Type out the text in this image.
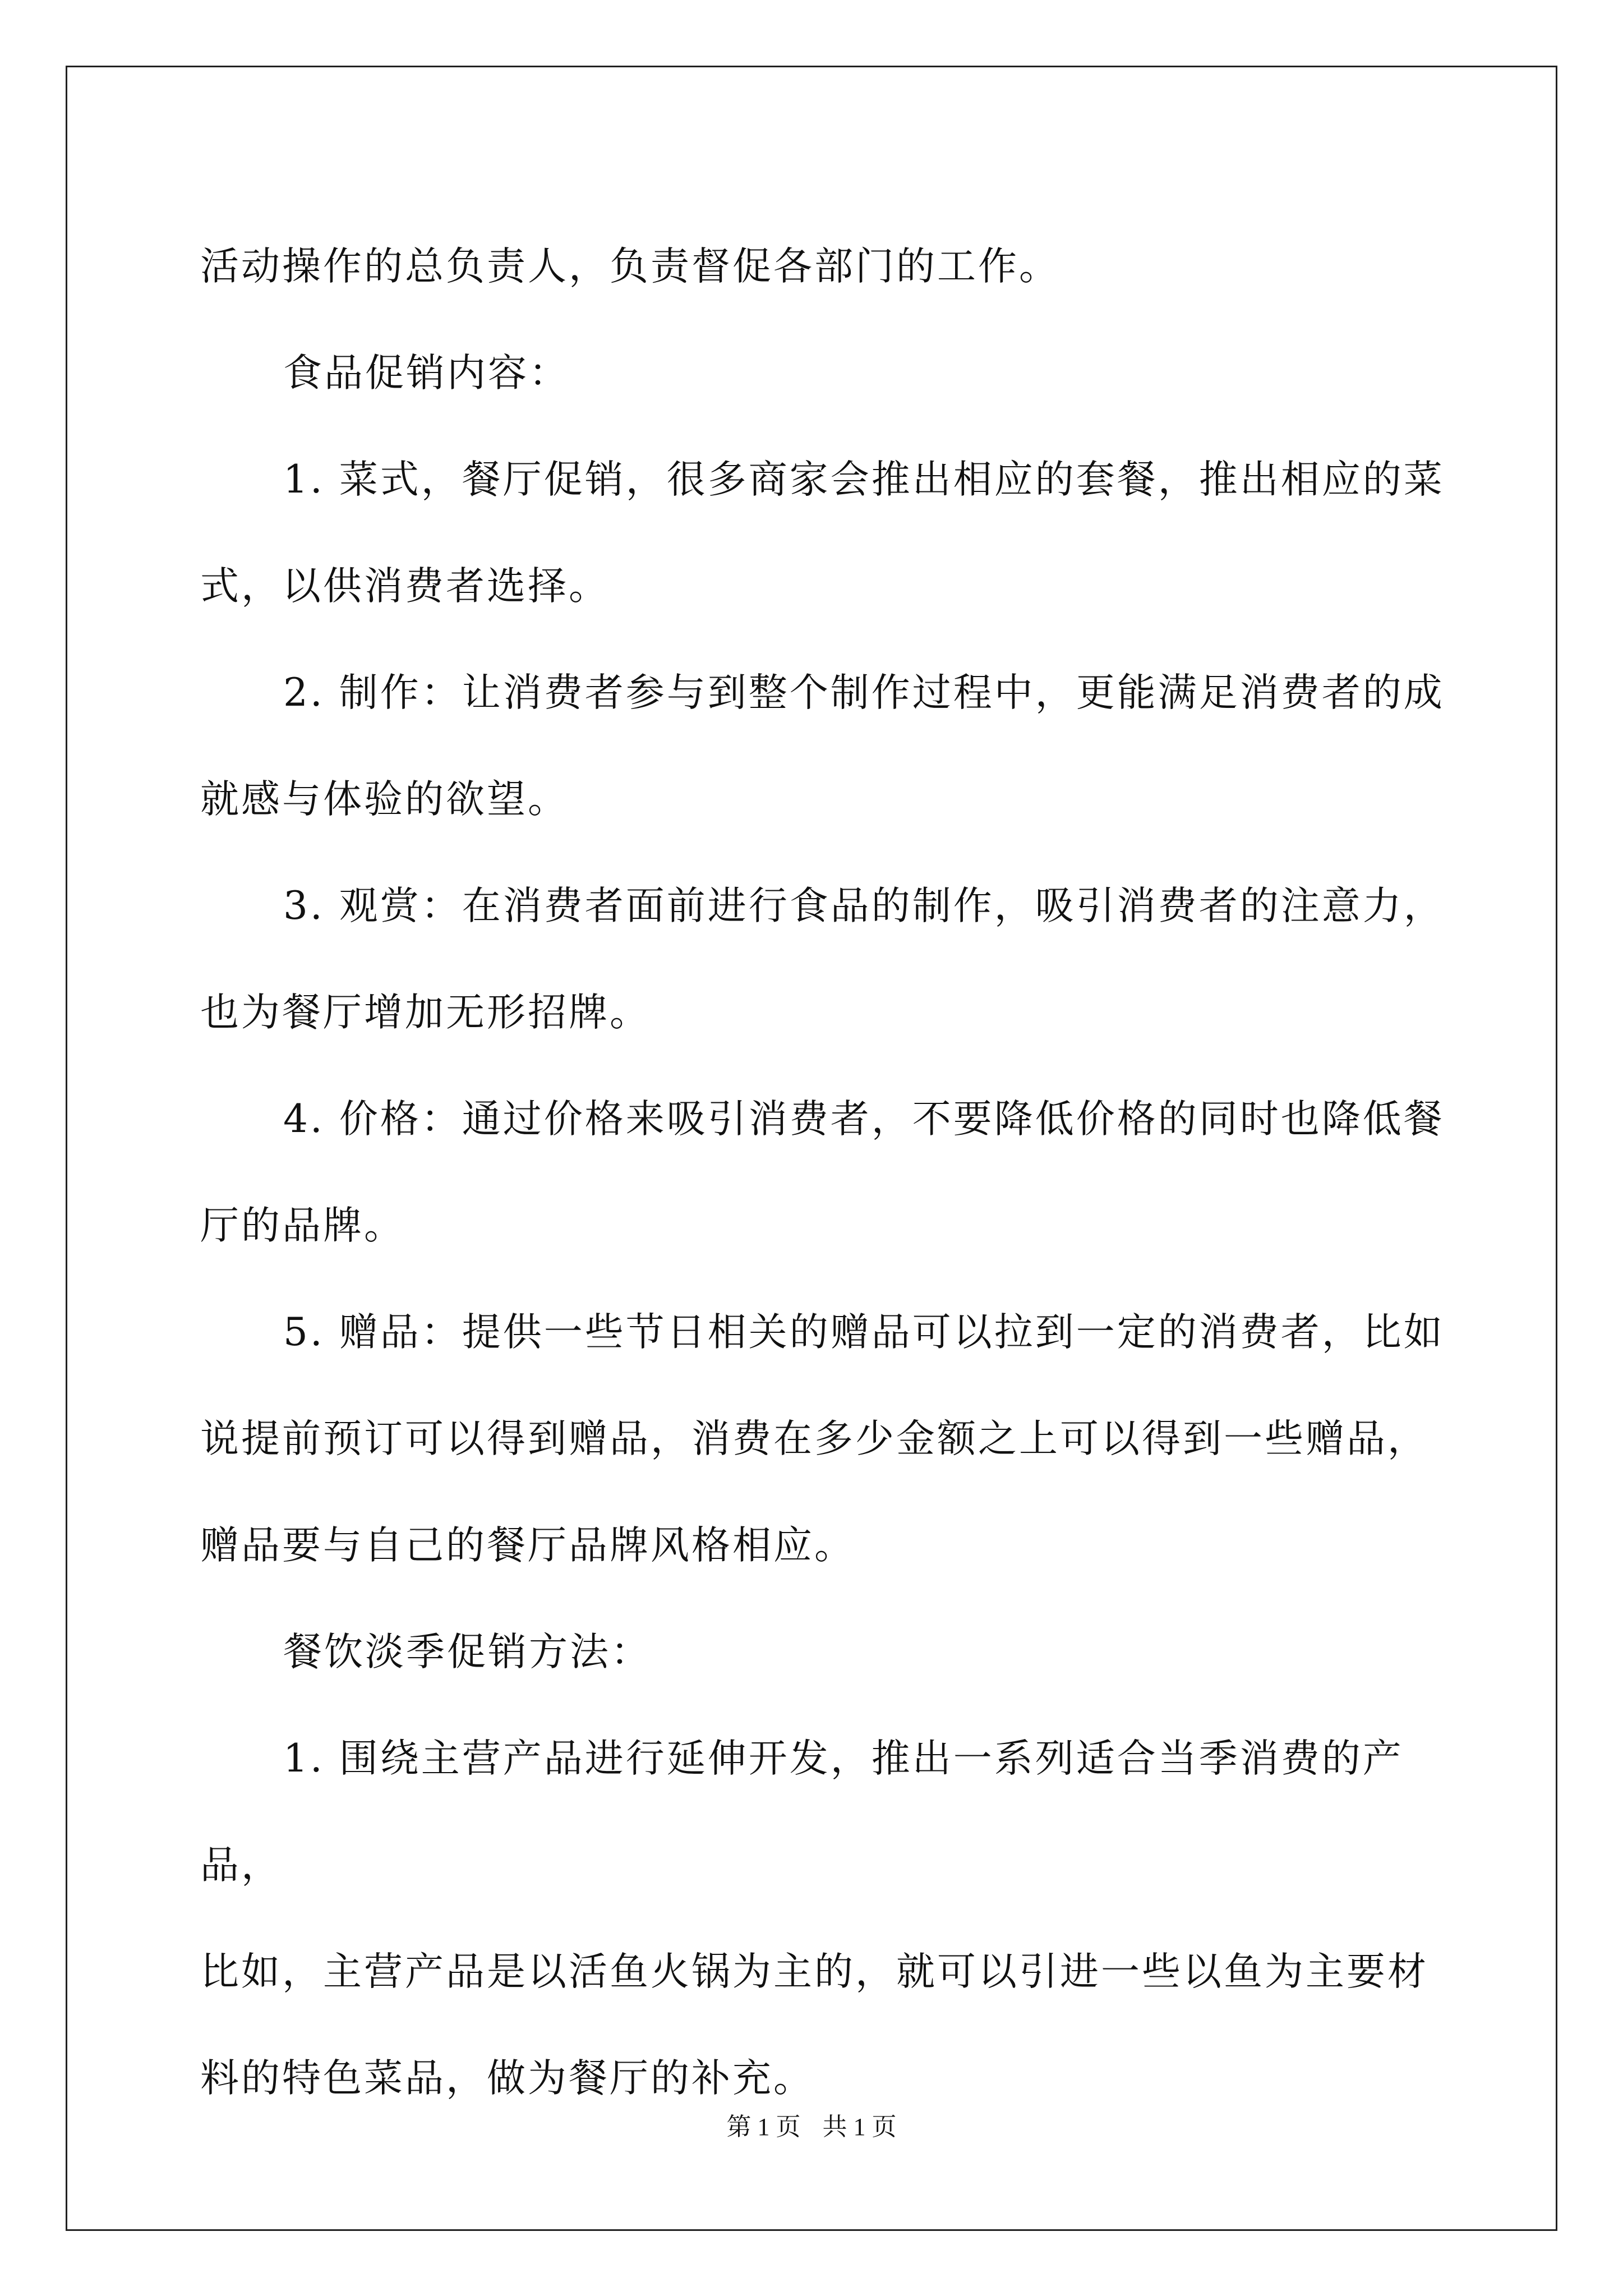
活动操作的总负责人，负责督促各部门的工作。

食品促销内容：

1. 菜式，餐厅促销，很多商家会推出相应的套餐，推出相应的菜
式，以供消费者选择。

2. 制作：让消费者参与到整个制作过程中，更能满足消费者的成
就感与体验的欲望。

3. 观赏：在消费者面前进行食品的制作，吸引消费者的注意力，
也为餐厅增加无形招牌。

4. 价格：通过价格来吸引消费者，不要降低价格的同时也降低餐
厅的品牌。

5. 赠品：提供一些节日相关的赠品可以拉到一定的消费者，比如
说提前预订可以得到赠品，消费在多少金额之上可以得到一些赠品，
赠品要与自己的餐厅品牌风格相应。

餐饮淡季促销方法：

1. 围绕主营产品进行延伸开发，推出一系列适合当季消费的产品，
比如，主营产品是以活鱼火锅为主的，就可以引进一些以鱼为主要材
料的特色菜品，做为餐厅的补充。

第 1 页 共 1 页
